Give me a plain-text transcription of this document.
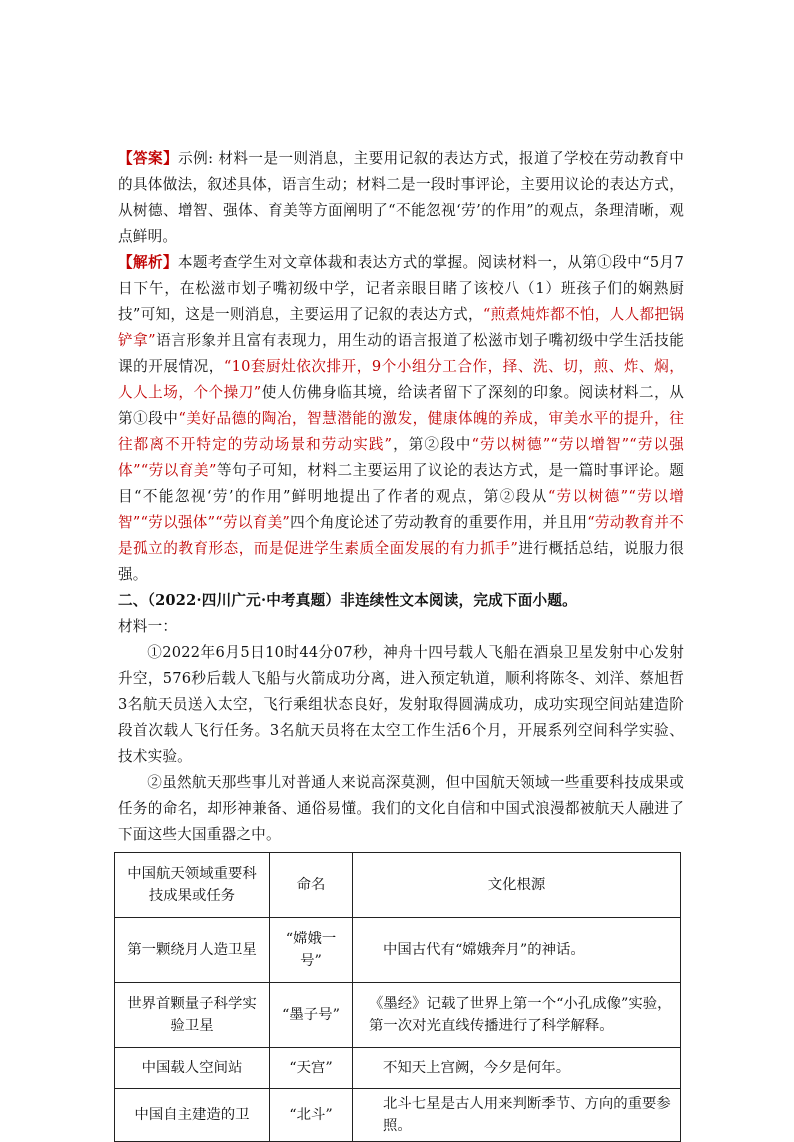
【答案】示例: 材料一是一则消息，主要用记叙的表达方式，报道了学校在劳动教育中的具体做法，叙述具体，语言生动；材料二是一段时事评论，主要用议论的表达方式，从树德、增智、强体、育美等方面阐明了“不能忽视‘劳’的作用”的观点，条理清晰，观点鲜明。

【解析】本题考查学生对文章体裁和表达方式的掌握。阅读材料一，从第①段中“5月7日下午，在松滋市划子嘴初级中学，记者亲眼目睹了该校八（1）班孩子们的娴熟厨技”可知，这是一则消息，主要运用了记叙的表达方式，“煎煮炖炸都不怕，人人都把锅铲拿”语言形象并且富有表现力，用生动的语言报道了松滋市划子嘴初级中学生活技能课的开展情况，“10套厨灶依次排开，9个小组分工合作，择、洗、切，煎、炸、焖，人人上场，个个操刀”使人仿佛身临其境，给读者留下了深刻的印象。阅读材料二，从第①段中“美好品德的陶冶，智慧潜能的激发，健康体魄的养成，审美水平的提升，往往都离不开特定的劳动场景和劳动实践”，第②段中“劳以树德”“劳以增智”“劳以强体”“劳以育美”等句子可知，材料二主要运用了议论的表达方式，是一篇时事评论。题目“不能忽视‘劳’的作用”鲜明地提出了作者的观点，第②段从“劳以树德”“劳以增智”“劳以强体”“劳以育美”四个角度论述了劳动教育的重要作用，并且用“劳动教育并不是孤立的教育形态，而是促进学生素质全面发展的有力抓手”进行概括总结，说服力很强。

二、（2022·四川广元·中考真题）非连续性文本阅读，完成下面小题。

材料一：

①2022年6月5日10时44分07秒，神舟十四号载人飞船在酒泉卫星发射中心发射升空，576秒后载人飞船与火箭成功分离，进入预定轨道，顺利将陈冬、刘洋、蔡旭哲3名航天员送入太空，飞行乘组状态良好，发射取得圆满成功，成功实现空间站建造阶段首次载人飞行任务。3名航天员将在太空工作生活6个月，开展系列空间科学实验、技术实验。

②虽然航天那些事儿对普通人来说高深莫测，但中国航天领域一些重要科技成果或任务的命名，却形神兼备、通俗易懂。我们的文化自信和中国式浪漫都被航天人融进了下面这些大国重器之中。

中国航天领域重要科技成果或任务	命名	文化根源
第一颗绕月人造卫星	“嫦娥一号”	中国古代有“嫦娥奔月”的神话。
世界首颗量子科学实验卫星	“墨子号”	《墨经》记载了世界上第一个“小孔成像”实验，第一次对光直线传播进行了科学解释。
中国载人空间站	“天宫”	不知天上宫阙，今夕是何年。
中国自主建造的卫	“北斗”	北斗七星是古人用来判断季节、方向的重要参照。
